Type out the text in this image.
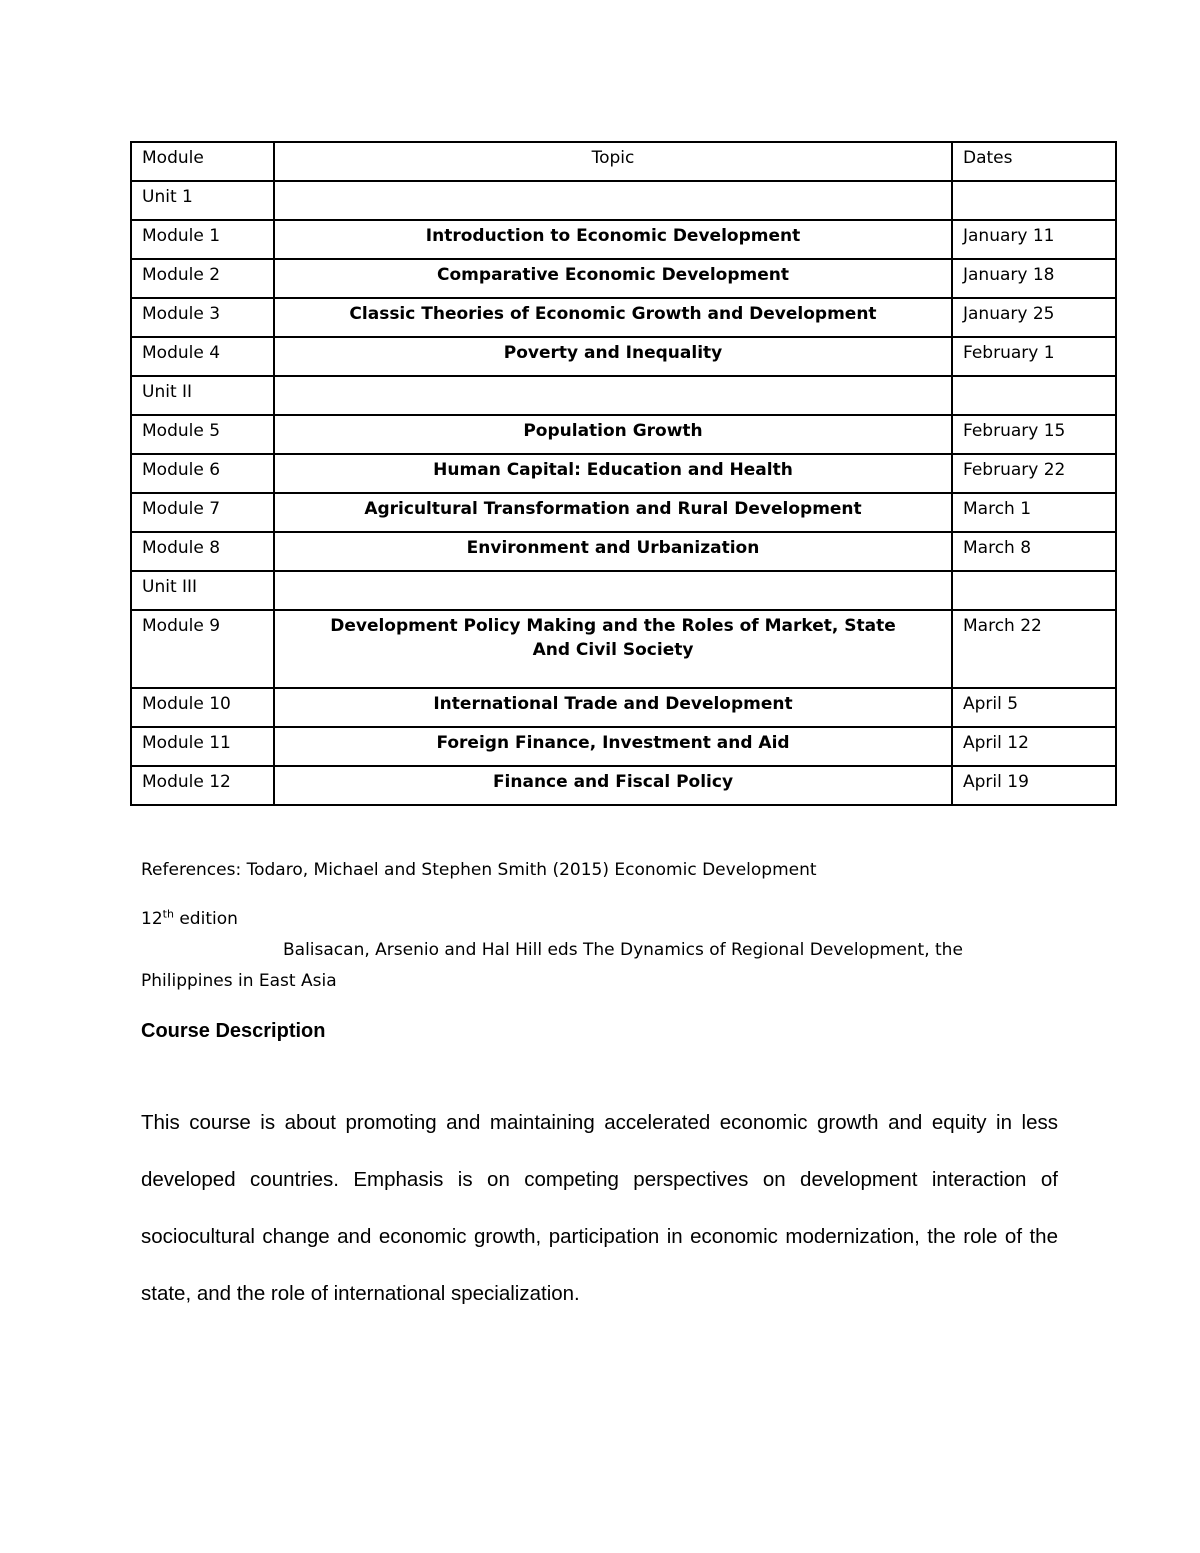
Module	Topic	Dates
Unit 1		
Module 1	Introduction to Economic Development	January 11
Module 2	Comparative Economic Development	January 18
Module 3	Classic Theories of Economic Growth and Development	January 25
Module 4	Poverty and Inequality	February 1
Unit II		
Module 5	Population Growth	February 15
Module 6	Human Capital: Education and Health	February 22
Module 7	Agricultural Transformation and Rural Development	March 1
Module 8	Environment and Urbanization	March 8
Unit III		
Module 9	Development Policy Making and the Roles of Market, State
And Civil Society	March 22
Module 10	International Trade and Development	April 5
Module 11	Foreign Finance, Investment and Aid	April 12
Module 12	Finance and Fiscal Policy	April 19
References: Todaro, Michael and Stephen Smith (2015) Economic Development
12th edition
Balisacan, Arsenio and Hal Hill eds The Dynamics of Regional Development, the
Philippines in East Asia
Course Description

This course is about promoting and maintaining accelerated economic growth and equity in less developed countries. Emphasis is on competing perspectives on development interaction of sociocultural change and economic growth, participation in economic modernization, the role of the state, and the role of international specialization.
